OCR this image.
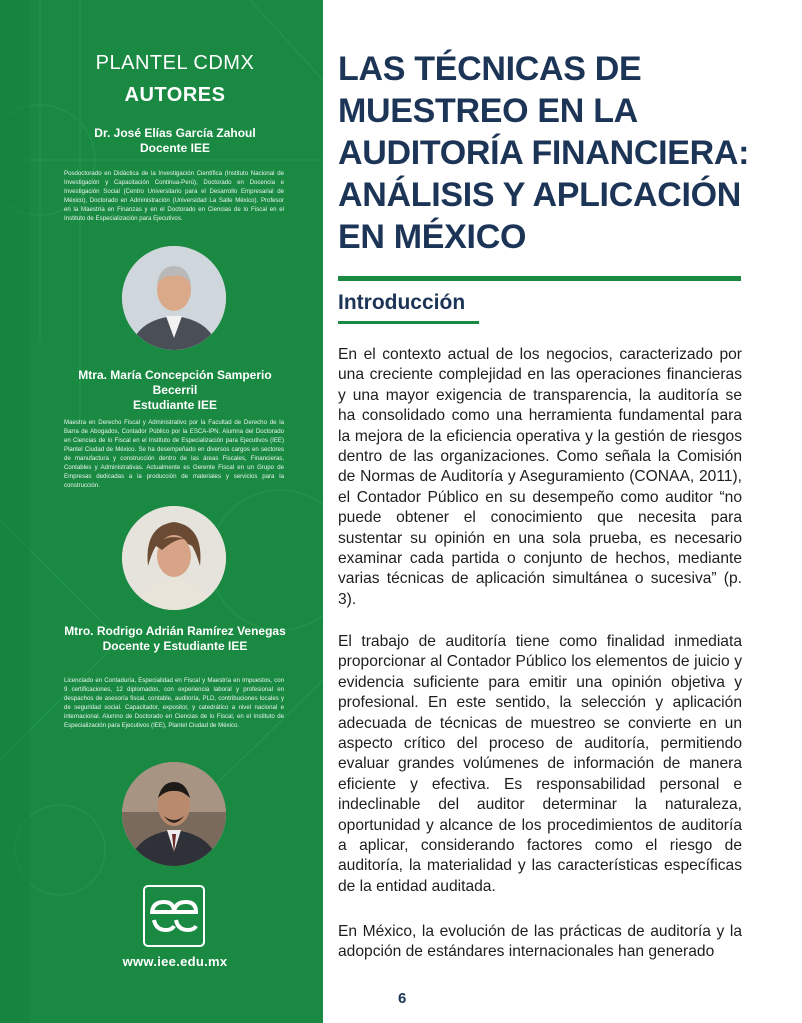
PLANTEL CDMX
AUTORES
Dr. José Elías García Zahoul
Docente IEE
Posdoctorado en Didáctica de la Investigación Científica (Instituto Nacional de Investigación y Capacitación Continua-Perú), Doctorado en Docencia e Investigación Social (Centro Universitario para el Desarrollo Empresarial de México), Doctorado en Administración (Universidad La Salle México). Profesor en la Maestría en Finanzas y en el Doctorado en Ciencias de lo Fiscal en el Instituto de Especialización para Ejecutivos.
Mtra. María Concepción Samperio Becerril
Estudiante IEE
Maestra en Derecho Fiscal y Administrativo por la Facultad de Derecho de la Barra de Abogados, Contador Público por la ESCA-IPN. Alumna del Doctorado en Ciencias de lo Fiscal en el Instituto de Especialización para Ejecutivos (IEE) Plantel Ciudad de México. Se ha desempeñado en diversos cargos en sectores de manufactura y construcción dentro de las áreas Fiscales, Financieras, Contables y Administrativas. Actualmente es Gerente Fiscal en un Grupo de Empresas dedicadas a la producción de materiales y servicios para la construcción.
Mtro. Rodrigo Adrián Ramírez Venegas
Docente y Estudiante IEE
Licenciado en Contaduría, Especialidad en Fiscal y Maestría en Impuestos, con 9 certificaciones, 12 diplomados, con experiencia laboral y profesional en despachos de asesoría fiscal, contable, auditoría, PLD, contribuciones locales y de seguridad social. Capacitador, expositor, y catedrático a nivel nacional e internacional. Alumno de Doctorado en Ciencias de lo Fiscal, en el Instituto de Especialización para Ejecutivos (IEE), Plantel Ciudad de México.
www.iee.edu.mx
LAS TÉCNICAS DE MUESTREO EN LA AUDITORÍA FINANCIERA: ANÁLISIS Y APLICACIÓN EN MÉXICO
Introducción

En el contexto actual de los negocios, caracterizado por una creciente complejidad en las operaciones financieras y una mayor exigencia de transparencia, la auditoría se ha consolidado como una herramienta fundamental para la mejora de la eficiencia operativa y la gestión de riesgos dentro de las organizaciones. Como señala la Comisión de Normas de Auditoría y Aseguramiento (CONAA, 2011), el Contador Público en su desempeño como auditor “no puede obtener el conocimiento que necesita para sustentar su opinión en una sola prueba, es necesario examinar cada partida o conjunto de hechos, mediante varias técnicas de aplicación simultánea o sucesiva” (p. 3).

El trabajo de auditoría tiene como finalidad inmediata proporcionar al Contador Público los elementos de juicio y evidencia suficiente para emitir una opinión objetiva y profesional. En este sentido, la selección y aplicación adecuada de técnicas de muestreo se convierte en un aspecto crítico del proceso de auditoría, permitiendo evaluar grandes volúmenes de información de manera eficiente y efectiva. Es responsabilidad personal e indeclinable del auditor determinar la naturaleza, oportunidad y alcance de los procedimientos de auditoría a aplicar, considerando factores como el riesgo de auditoría, la materialidad y las características específicas de la entidad auditada.

En México, la evolución de las prácticas de auditoría y la adopción de estándares internacionales han generado

6
